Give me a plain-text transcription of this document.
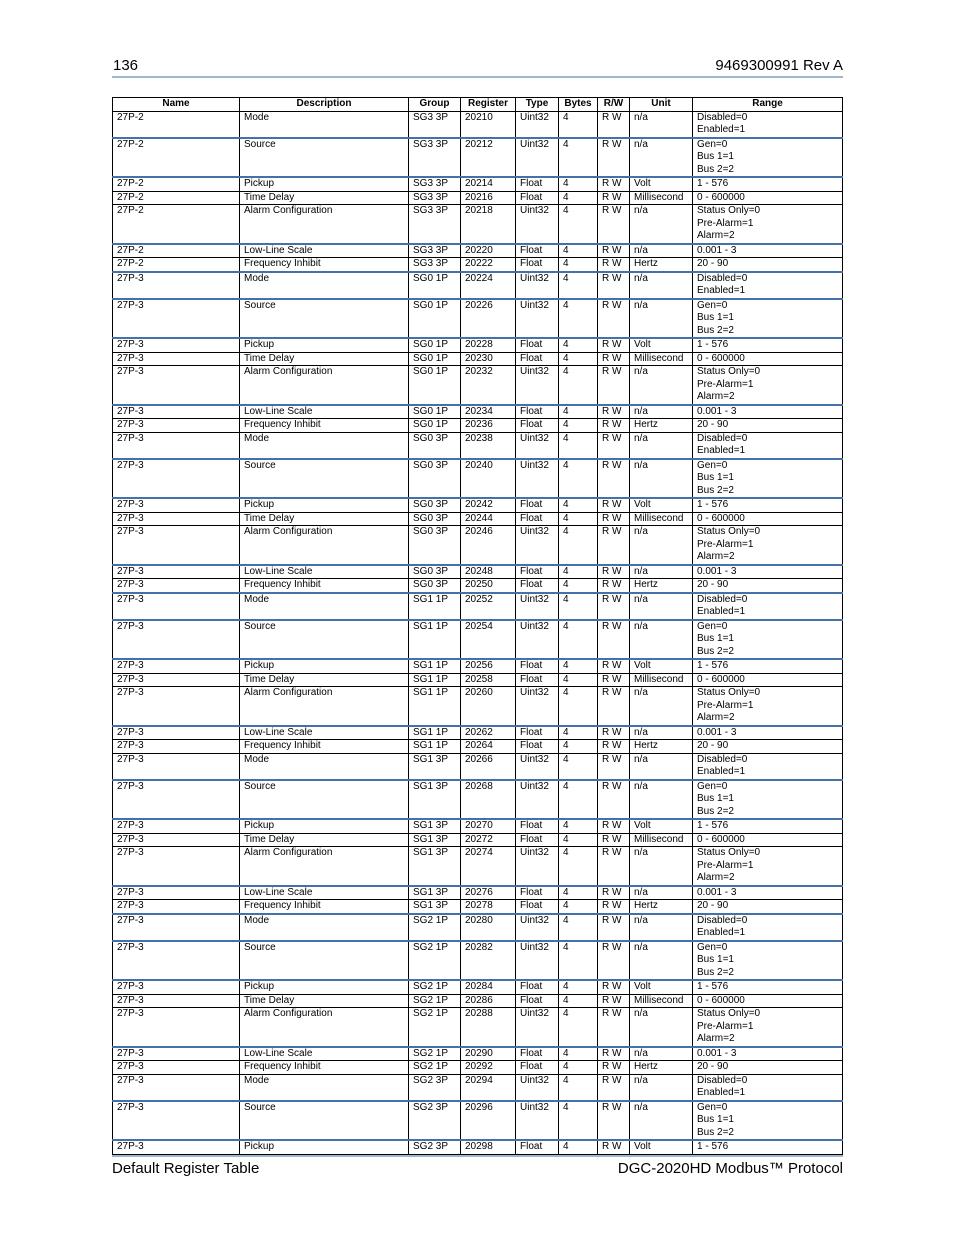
136	9469300991 Rev A
Name	Description	Group	Register	Type	Bytes	R/W	Unit	Range
27P-2	Mode	SG3 3P	20210	Uint32	4	R W	n/a	Disabled=0
Enabled=1
27P-2	Source	SG3 3P	20212	Uint32	4	R W	n/a	Gen=0
Bus 1=1
Bus 2=2
27P-2	Pickup	SG3 3P	20214	Float	4	R W	Volt	1 - 576
27P-2	Time Delay	SG3 3P	20216	Float	4	R W	Millisecond	0 - 600000
27P-2	Alarm Configuration	SG3 3P	20218	Uint32	4	R W	n/a	Status Only=0
Pre-Alarm=1
Alarm=2
27P-2	Low-Line Scale	SG3 3P	20220	Float	4	R W	n/a	0.001 - 3
27P-2	Frequency Inhibit	SG3 3P	20222	Float	4	R W	Hertz	20 - 90
27P-3	Mode	SG0 1P	20224	Uint32	4	R W	n/a	Disabled=0
Enabled=1
27P-3	Source	SG0 1P	20226	Uint32	4	R W	n/a	Gen=0
Bus 1=1
Bus 2=2
27P-3	Pickup	SG0 1P	20228	Float	4	R W	Volt	1 - 576
27P-3	Time Delay	SG0 1P	20230	Float	4	R W	Millisecond	0 - 600000
27P-3	Alarm Configuration	SG0 1P	20232	Uint32	4	R W	n/a	Status Only=0
Pre-Alarm=1
Alarm=2
27P-3	Low-Line Scale	SG0 1P	20234	Float	4	R W	n/a	0.001 - 3
27P-3	Frequency Inhibit	SG0 1P	20236	Float	4	R W	Hertz	20 - 90
27P-3	Mode	SG0 3P	20238	Uint32	4	R W	n/a	Disabled=0
Enabled=1
27P-3	Source	SG0 3P	20240	Uint32	4	R W	n/a	Gen=0
Bus 1=1
Bus 2=2
27P-3	Pickup	SG0 3P	20242	Float	4	R W	Volt	1 - 576
27P-3	Time Delay	SG0 3P	20244	Float	4	R W	Millisecond	0 - 600000
27P-3	Alarm Configuration	SG0 3P	20246	Uint32	4	R W	n/a	Status Only=0
Pre-Alarm=1
Alarm=2
27P-3	Low-Line Scale	SG0 3P	20248	Float	4	R W	n/a	0.001 - 3
27P-3	Frequency Inhibit	SG0 3P	20250	Float	4	R W	Hertz	20 - 90
27P-3	Mode	SG1 1P	20252	Uint32	4	R W	n/a	Disabled=0
Enabled=1
27P-3	Source	SG1 1P	20254	Uint32	4	R W	n/a	Gen=0
Bus 1=1
Bus 2=2
27P-3	Pickup	SG1 1P	20256	Float	4	R W	Volt	1 - 576
27P-3	Time Delay	SG1 1P	20258	Float	4	R W	Millisecond	0 - 600000
27P-3	Alarm Configuration	SG1 1P	20260	Uint32	4	R W	n/a	Status Only=0
Pre-Alarm=1
Alarm=2
27P-3	Low-Line Scale	SG1 1P	20262	Float	4	R W	n/a	0.001 - 3
27P-3	Frequency Inhibit	SG1 1P	20264	Float	4	R W	Hertz	20 - 90
27P-3	Mode	SG1 3P	20266	Uint32	4	R W	n/a	Disabled=0
Enabled=1
27P-3	Source	SG1 3P	20268	Uint32	4	R W	n/a	Gen=0
Bus 1=1
Bus 2=2
27P-3	Pickup	SG1 3P	20270	Float	4	R W	Volt	1 - 576
27P-3	Time Delay	SG1 3P	20272	Float	4	R W	Millisecond	0 - 600000
27P-3	Alarm Configuration	SG1 3P	20274	Uint32	4	R W	n/a	Status Only=0
Pre-Alarm=1
Alarm=2
27P-3	Low-Line Scale	SG1 3P	20276	Float	4	R W	n/a	0.001 - 3
27P-3	Frequency Inhibit	SG1 3P	20278	Float	4	R W	Hertz	20 - 90
27P-3	Mode	SG2 1P	20280	Uint32	4	R W	n/a	Disabled=0
Enabled=1
27P-3	Source	SG2 1P	20282	Uint32	4	R W	n/a	Gen=0
Bus 1=1
Bus 2=2
27P-3	Pickup	SG2 1P	20284	Float	4	R W	Volt	1 - 576
27P-3	Time Delay	SG2 1P	20286	Float	4	R W	Millisecond	0 - 600000
27P-3	Alarm Configuration	SG2 1P	20288	Uint32	4	R W	n/a	Status Only=0
Pre-Alarm=1
Alarm=2
27P-3	Low-Line Scale	SG2 1P	20290	Float	4	R W	n/a	0.001 - 3
27P-3	Frequency Inhibit	SG2 1P	20292	Float	4	R W	Hertz	20 - 90
27P-3	Mode	SG2 3P	20294	Uint32	4	R W	n/a	Disabled=0
Enabled=1
27P-3	Source	SG2 3P	20296	Uint32	4	R W	n/a	Gen=0
Bus 1=1
Bus 2=2
27P-3	Pickup	SG2 3P	20298	Float	4	R W	Volt	1 - 576
Default Register Table	DGC-2020HD Modbus™ Protocol
